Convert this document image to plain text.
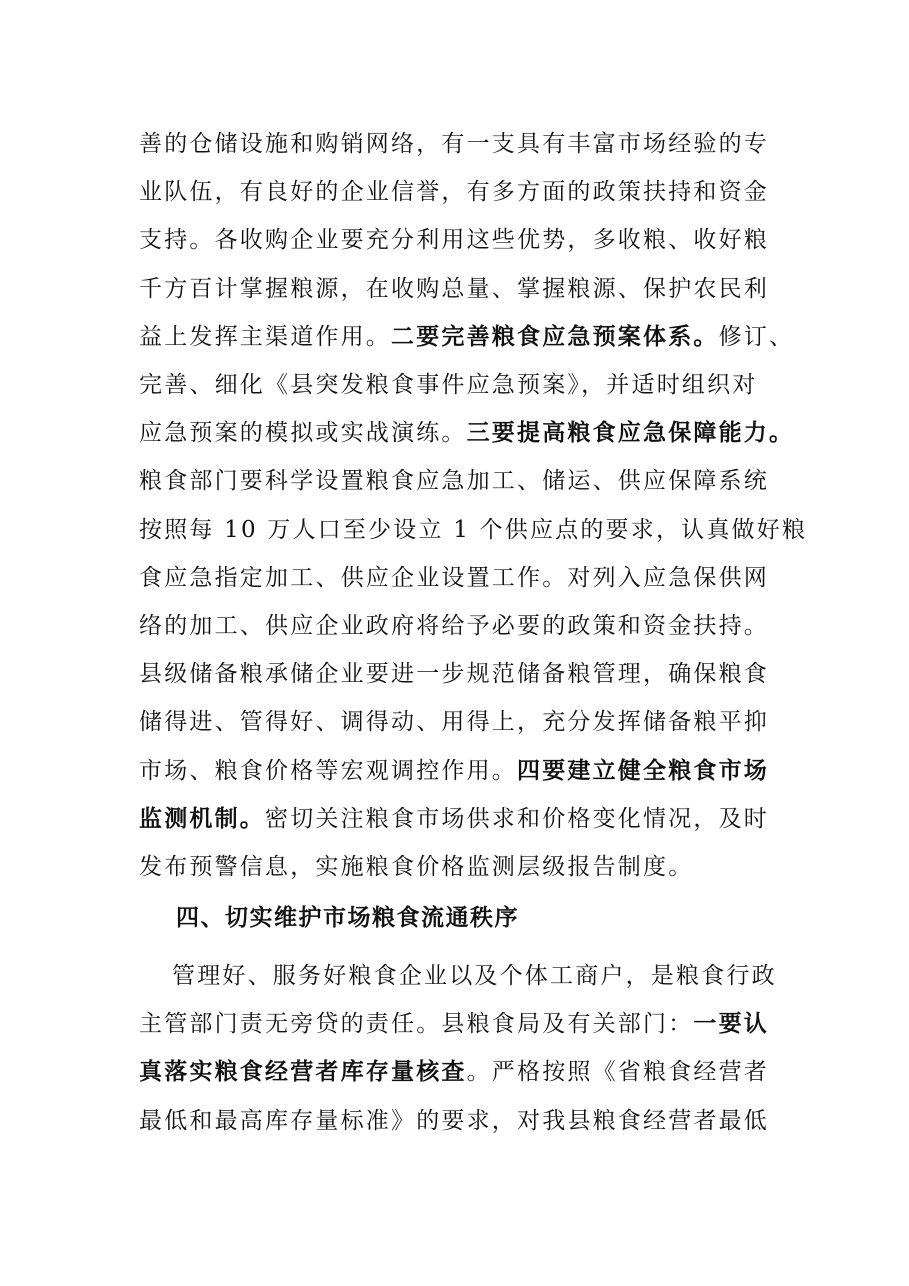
善的仓储设施和购销网络，有一支具有丰富市场经验的专
业队伍，有良好的企业信誉，有多方面的政策扶持和资金
支持。各收购企业要充分利用这些优势，多收粮、收好粮
千方百计掌握粮源，在收购总量、掌握粮源、保护农民利
益上发挥主渠道作用。二要完善粮食应急预案体系。修订、
完善、细化《县突发粮食事件应急预案》，并适时组织对
应急预案的模拟或实战演练。三要提高粮食应急保障能力。
粮食部门要科学设置粮食应急加工、储运、供应保障系统
按照每 10 万人口至少设立 1 个供应点的要求，认真做好粮
食应急指定加工、供应企业设置工作。对列入应急保供网
络的加工、供应企业政府将给予必要的政策和资金扶持。
县级储备粮承储企业要进一步规范储备粮管理，确保粮食
储得进、管得好、调得动、用得上，充分发挥储备粮平抑
市场、粮食价格等宏观调控作用。四要建立健全粮食市场
监测机制。密切关注粮食市场供求和价格变化情况，及时
发布预警信息，实施粮食价格监测层级报告制度。
四、切实维护市场粮食流通秩序
管理好、服务好粮食企业以及个体工商户，是粮食行政
主管部门责无旁贷的责任。县粮食局及有关部门：一要认
真落实粮食经营者库存量核查。严格按照《省粮食经营者
最低和最高库存量标准》的要求，对我县粮食经营者最低
